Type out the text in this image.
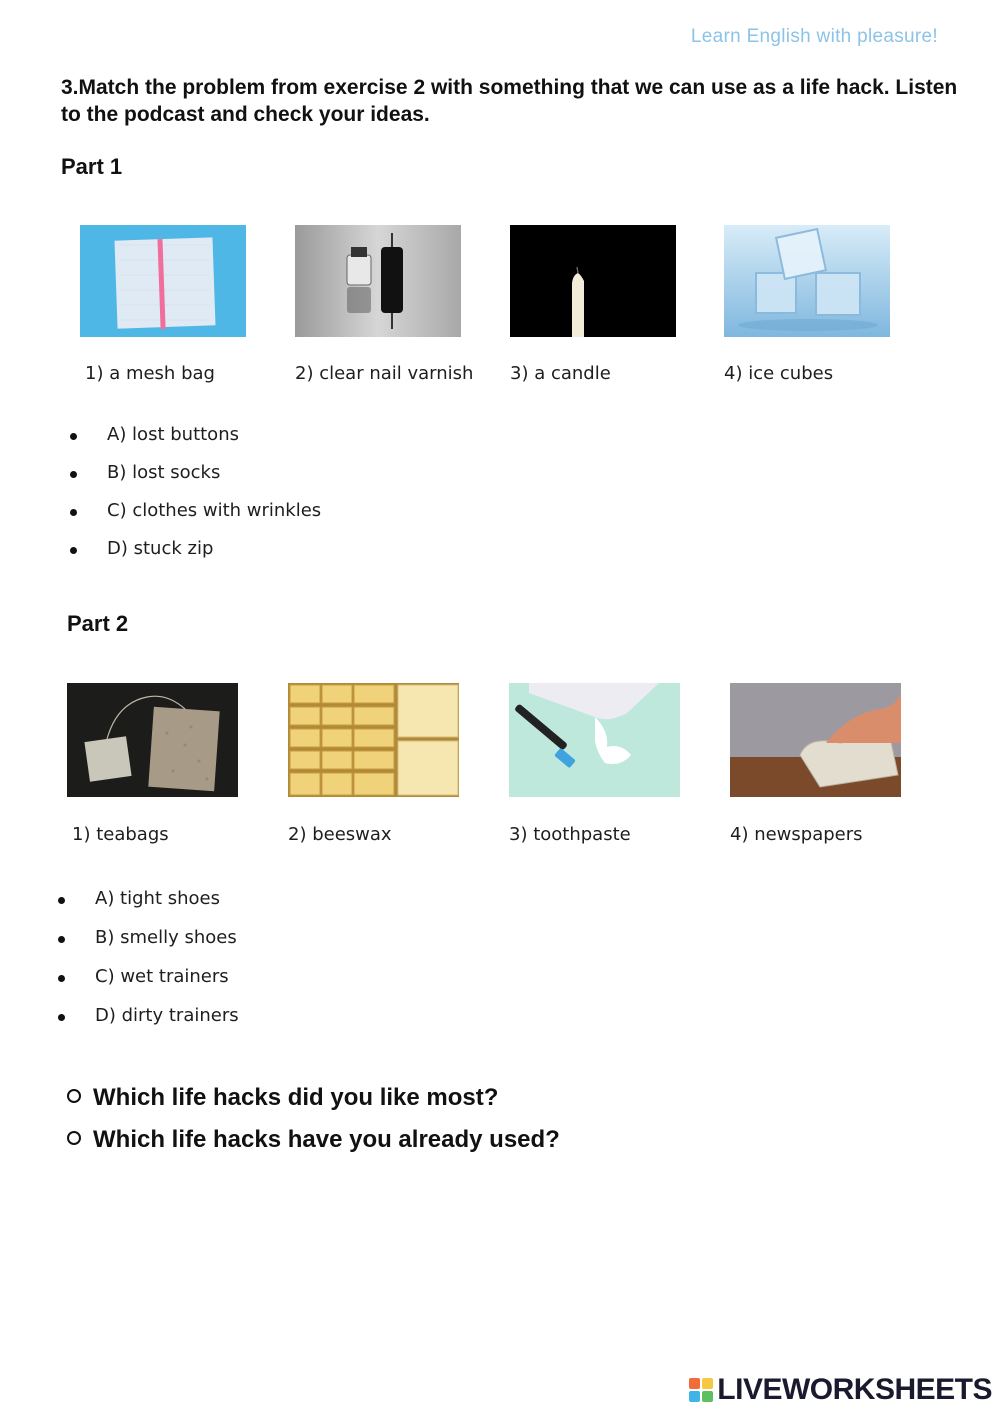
Learn English with pleasure!
3.Match the problem from exercise 2 with something that we can use as a life hack. Listen to the podcast and check your ideas.
Part 1
1) a mesh bag	2) clear nail varnish 3) a candle	4) ice cubes
A) lost buttons
B) lost socks
C) clothes with wrinkles
D) stuck zip
Part 2
1) teabags	2) beeswax	3) toothpaste	4) newspapers
A) tight shoes
B) smelly shoes
C) wet trainers
D) dirty trainers
Which life hacks did you like most?
Which life hacks have you already used?
LIVEWORKSHEETS
